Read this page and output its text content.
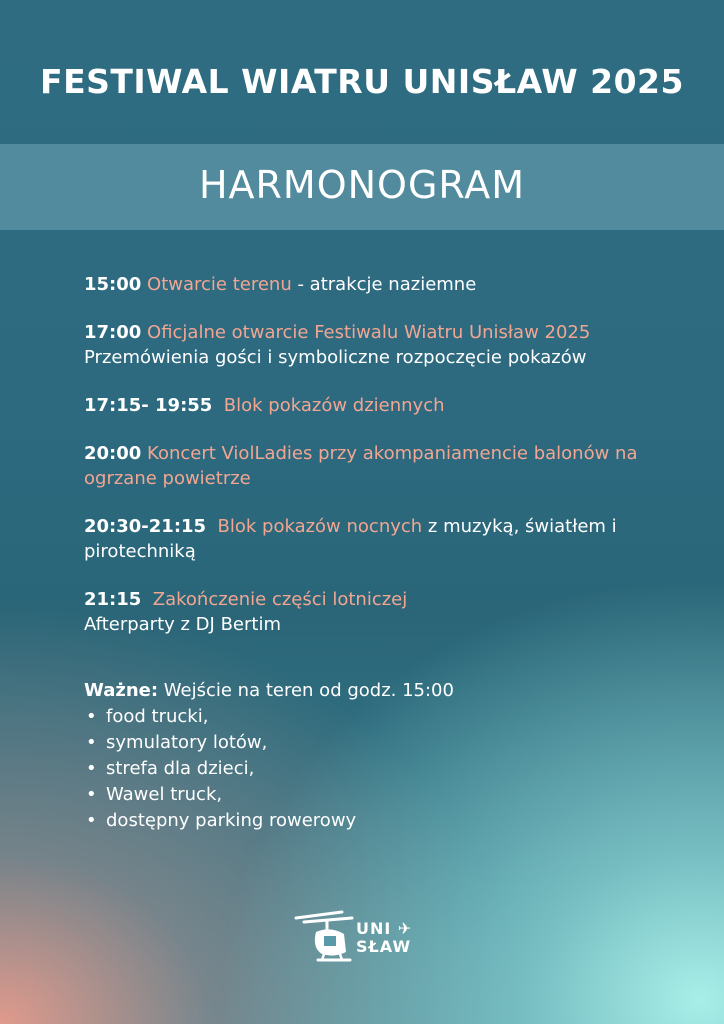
FESTIWAL WIATRU UNISŁAW 2025
HARMONOGRAM
15:00 Otwarcie terenu - atrakcje naziemne
17:00 Oficjalne otwarcie Festiwalu Wiatru Unisław 2025
Przemówienia gości i symboliczne rozpoczęcie pokazów
17:15- 19:55 Blok pokazów dziennych
20:00 Koncert ViolLadies przy akompaniamencie balonów na ogrzane powietrze
20:30-21:15 Blok pokazów nocnych z muzyką, światłem i pirotechniką
21:15 Zakończenie części lotniczej
Afterparty z DJ Bertim
Ważne: Wejście na teren od godz. 15:00
• food trucki,
• symulatory lotów,
• strefa dla dzieci,
• Wawel truck,
• dostępny parking rowerowy
UNI ✈
SŁAW
